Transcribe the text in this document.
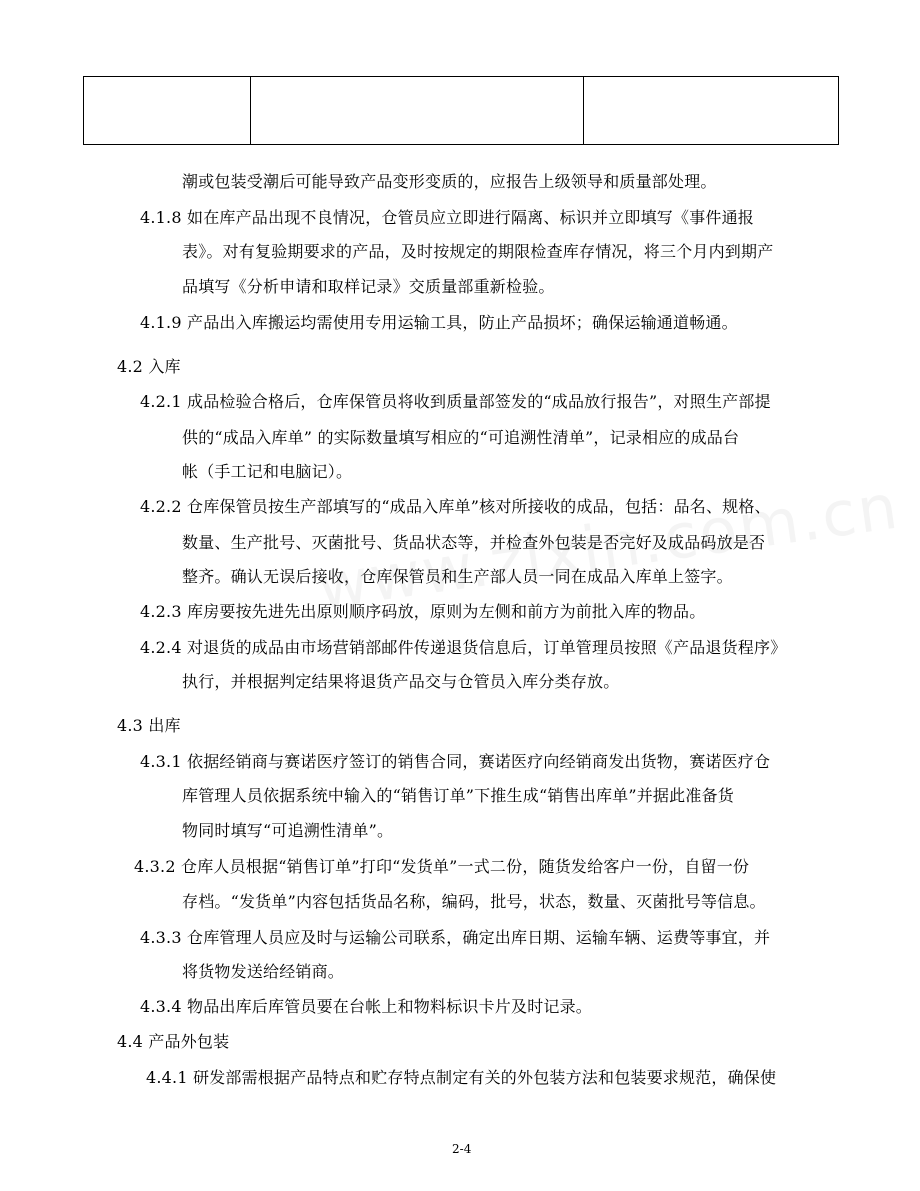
潮或包装受潮后可能导致产品变形变质的，应报告上级领导和质量部处理。
4.1.8 如在库产品出现不良情况，仓管员应立即进行隔离、标识并立即填写《事件通报
表》。对有复验期要求的产品，及时按规定的期限检查库存情况，将三个月内到期产
品填写《分析申请和取样记录》交质量部重新检验。
4.1.9 产品出入库搬运均需使用专用运输工具，防止产品损坏；确保运输通道畅通。
4.2 入库
4.2.1 成品检验合格后，仓库保管员将收到质量部签发的“成品放行报告”，对照生产部提
供的“成品入库单” 的实际数量填写相应的“可追溯性清单”，记录相应的成品台
帐（手工记和电脑记）。
4.2.2 仓库保管员按生产部填写的“成品入库单”核对所接收的成品，包括：品名、规格、
数量、生产批号、灭菌批号、货品状态等，并检查外包装是否完好及成品码放是否
整齐。确认无误后接收，仓库保管员和生产部人员一同在成品入库单上签字。
4.2.3 库房要按先进先出原则顺序码放，原则为左侧和前方为前批入库的物品。
4.2.4 对退货的成品由市场营销部邮件传递退货信息后，订单管理员按照《产品退货程序》
执行，并根据判定结果将退货产品交与仓管员入库分类存放。
4.3 出库
4.3.1 依据经销商与赛诺医疗签订的销售合同，赛诺医疗向经销商发出货物，赛诺医疗仓
库管理人员依据系统中输入的“销售订单”下推生成“销售出库单”并据此准备货
物同时填写“可追溯性清单”。
4.3.2 仓库人员根据“销售订单”打印“发货单”一式二份，随货发给客户一份，自留一份
存档。“发货单”内容包括货品名称，编码，批号，状态，数量、灭菌批号等信息。
4.3.3 仓库管理人员应及时与运输公司联系，确定出库日期、运输车辆、运费等事宜，并
将货物发送给经销商。
4.3.4 物品出库后库管员要在台帐上和物料标识卡片及时记录。
4.4 产品外包装
4.4.1 研发部需根据产品特点和贮存特点制定有关的外包装方法和包装要求规范，确保使
2-4
